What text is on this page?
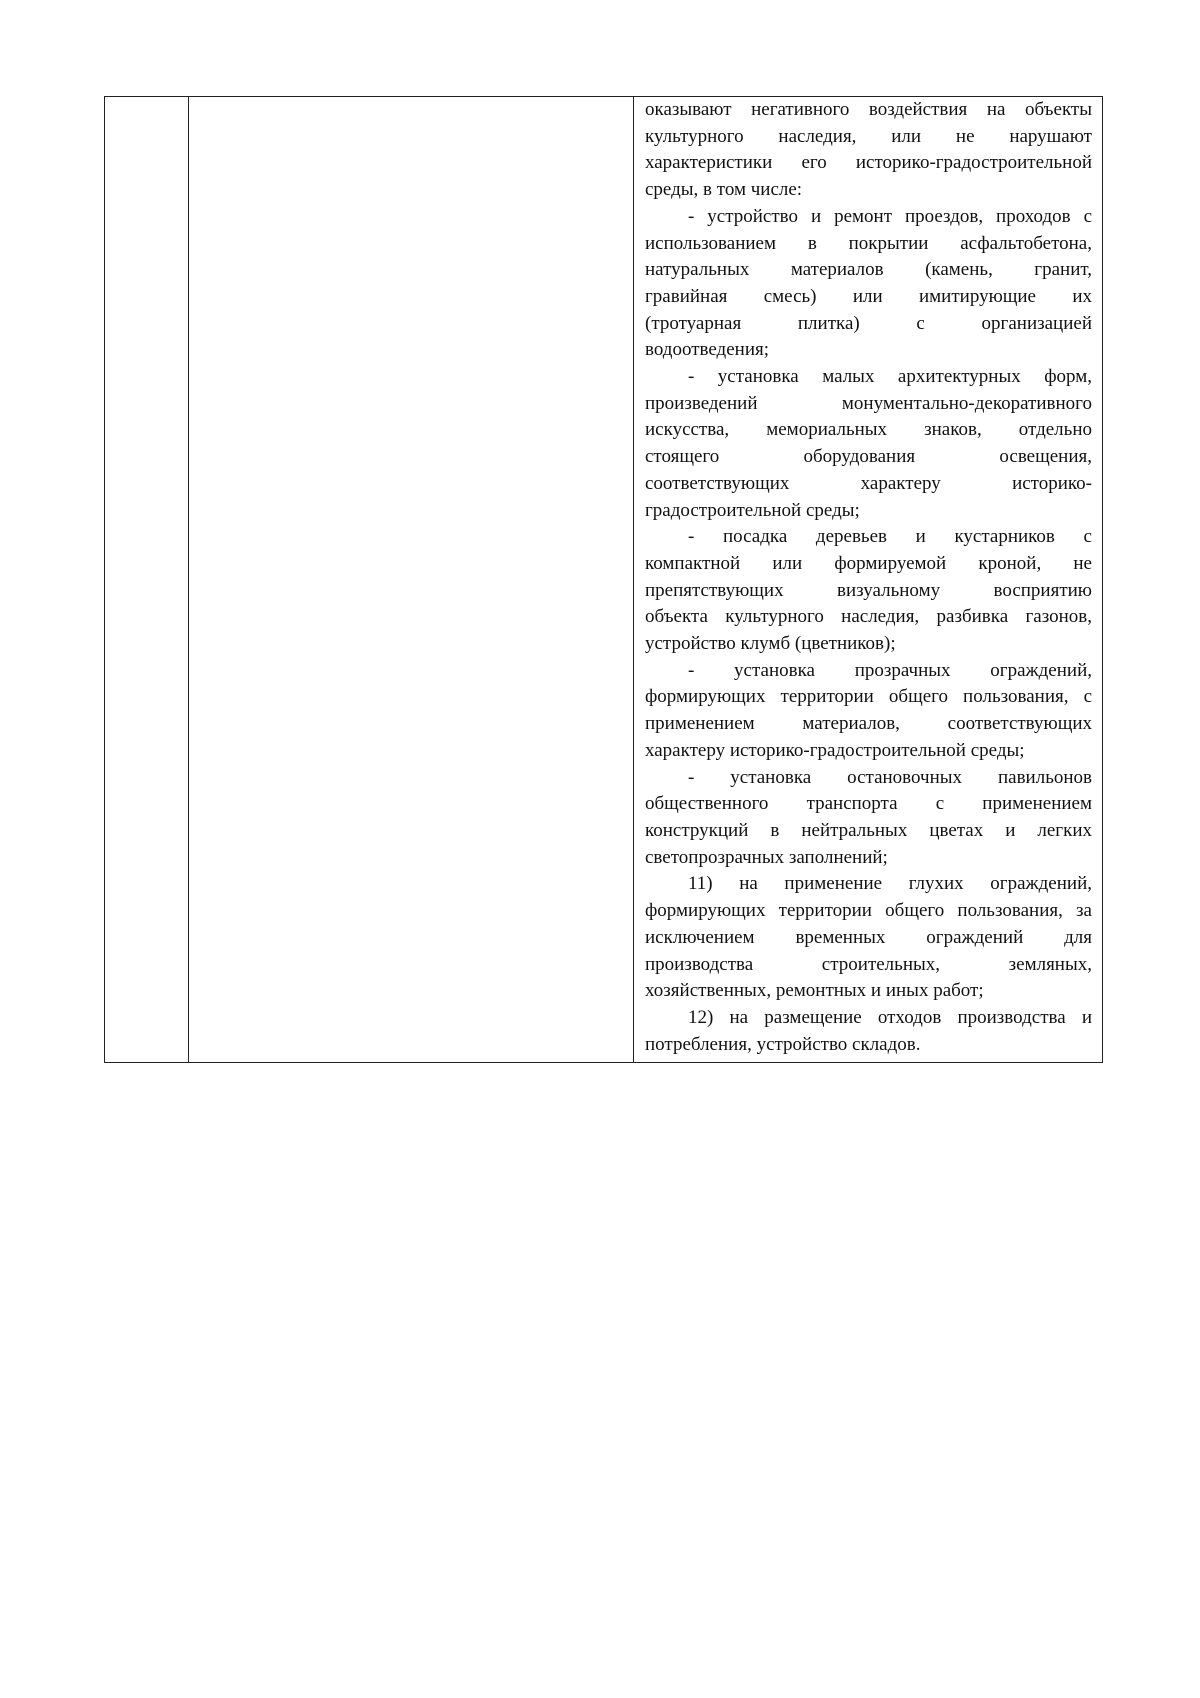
оказывают негативного воздействия на объекты

культурного наследия, или не нарушают

характеристики его историко-градостроительной

среды, в том числе:

- устройство и ремонт проездов, проходов с

использованием в покрытии асфальтобетона,

натуральных материалов (камень, гранит,

гравийная смесь) или имитирующие их

(тротуарная плитка) с организацией

водоотведения;

- установка малых архитектурных форм,

произведений монументально-декоративного

искусства, мемориальных знаков, отдельно

стоящего оборудования освещения,

соответствующих характеру историко-

градостроительной среды;

- посадка деревьев и кустарников с

компактной или формируемой кроной, не

препятствующих визуальному восприятию

объекта культурного наследия, разбивка газонов,

устройство клумб (цветников);

- установка прозрачных ограждений,

формирующих территории общего пользования, с

применением материалов, соответствующих

характеру историко-градостроительной среды;

- установка остановочных павильонов

общественного транспорта с применением

конструкций в нейтральных цветах и легких

светопрозрачных заполнений;

11) на применение глухих ограждений,

формирующих территории общего пользования, за

исключением временных ограждений для

производства строительных, земляных,

хозяйственных, ремонтных и иных работ;

12) на размещение отходов производства и

потребления, устройство складов.
